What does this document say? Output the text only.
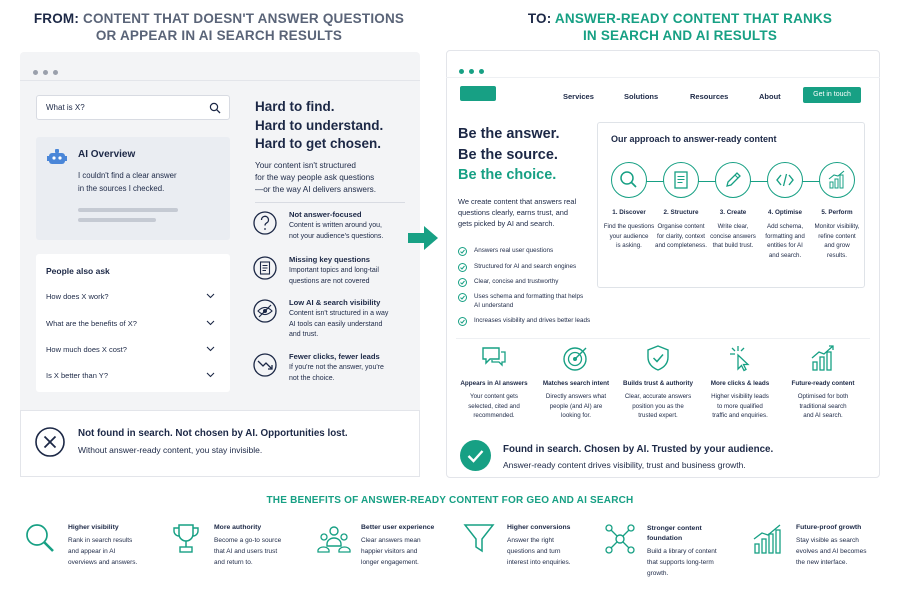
FROM: CONTENT THAT DOESN'T ANSWER QUESTIONS
OR APPEAR IN AI SEARCH RESULTS
TO: ANSWER-READY CONTENT THAT RANKS
IN SEARCH AND AI RESULTS
What is X?
AI Overview
I couldn't find a clear answer
in the sources I checked.
People also ask
How does X work?
What are the benefits of X?
How much does X cost?
Is X better than Y?
Hard to find.
Hard to understand.
Hard to get chosen.
Your content isn't structured
for the way people ask questions
—or the way AI delivers answers.
Not answer-focused
Content is written around you,
not your audience's questions.
Missing key questions
Important topics and long-tail
questions are not covered
Low AI & search visibility
Content isn't structured in a way
AI tools can easily understand
and trust.
Fewer clicks, fewer leads
If you're not the answer, you're
not the choice.
Not found in search. Not chosen by AI. Opportunities lost.
Without answer-ready content, you stay invisible.
Services	Solutions	Resources	About	Get in touch
Be the answer.
Be the source.
Be the choice.
We create content that answers real
questions clearly, earns trust, and
gets picked by AI and search.
Answers real user questions
Structured for AI and search engines
Clear, concise and trustworthy
Uses schema and formatting that helps
AI understand
Increases visibility and drives better leads
Our approach to answer-ready content
1. Discover
Find the questions
your audience
is asking.
2. Structure
Organise content
for clarity, context
and completeness.
3. Create
Write clear,
concise answers
that build trust.
4. Optimise
Add schema,
formatting and
entities for AI
and search.
5. Perform
Monitor visibility,
refine content
and grow
results.
Appears in AI answers
Your content gets
selected, cited and
recommended.
Matches search intent
Directly answers what
people (and AI) are
looking for.
Builds trust & authority
Clear, accurate answers
position you as the
trusted expert.
More clicks & leads
Higher visibility leads
to more qualified
traffic and enquiries.
Future-ready content
Optimised for both
traditional search
and AI search.
Found in search. Chosen by AI. Trusted by your audience.
Answer-ready content drives visibility, trust and business growth.
THE BENEFITS OF ANSWER-READY CONTENT FOR GEO AND AI SEARCH
Higher visibility
Rank in search results
and appear in AI
overviews and answers.
More authority
Become a go-to source
that AI and users trust
and return to.
Better user experience
Clear answers mean
happier visitors and
longer engagement.
Higher conversions
Answer the right
questions and turn
interest into enquiries.
Stronger content foundation
Build a library of content
that supports long-term
growth.
Future-proof growth
Stay visible as search
evolves and AI becomes
the new interface.
